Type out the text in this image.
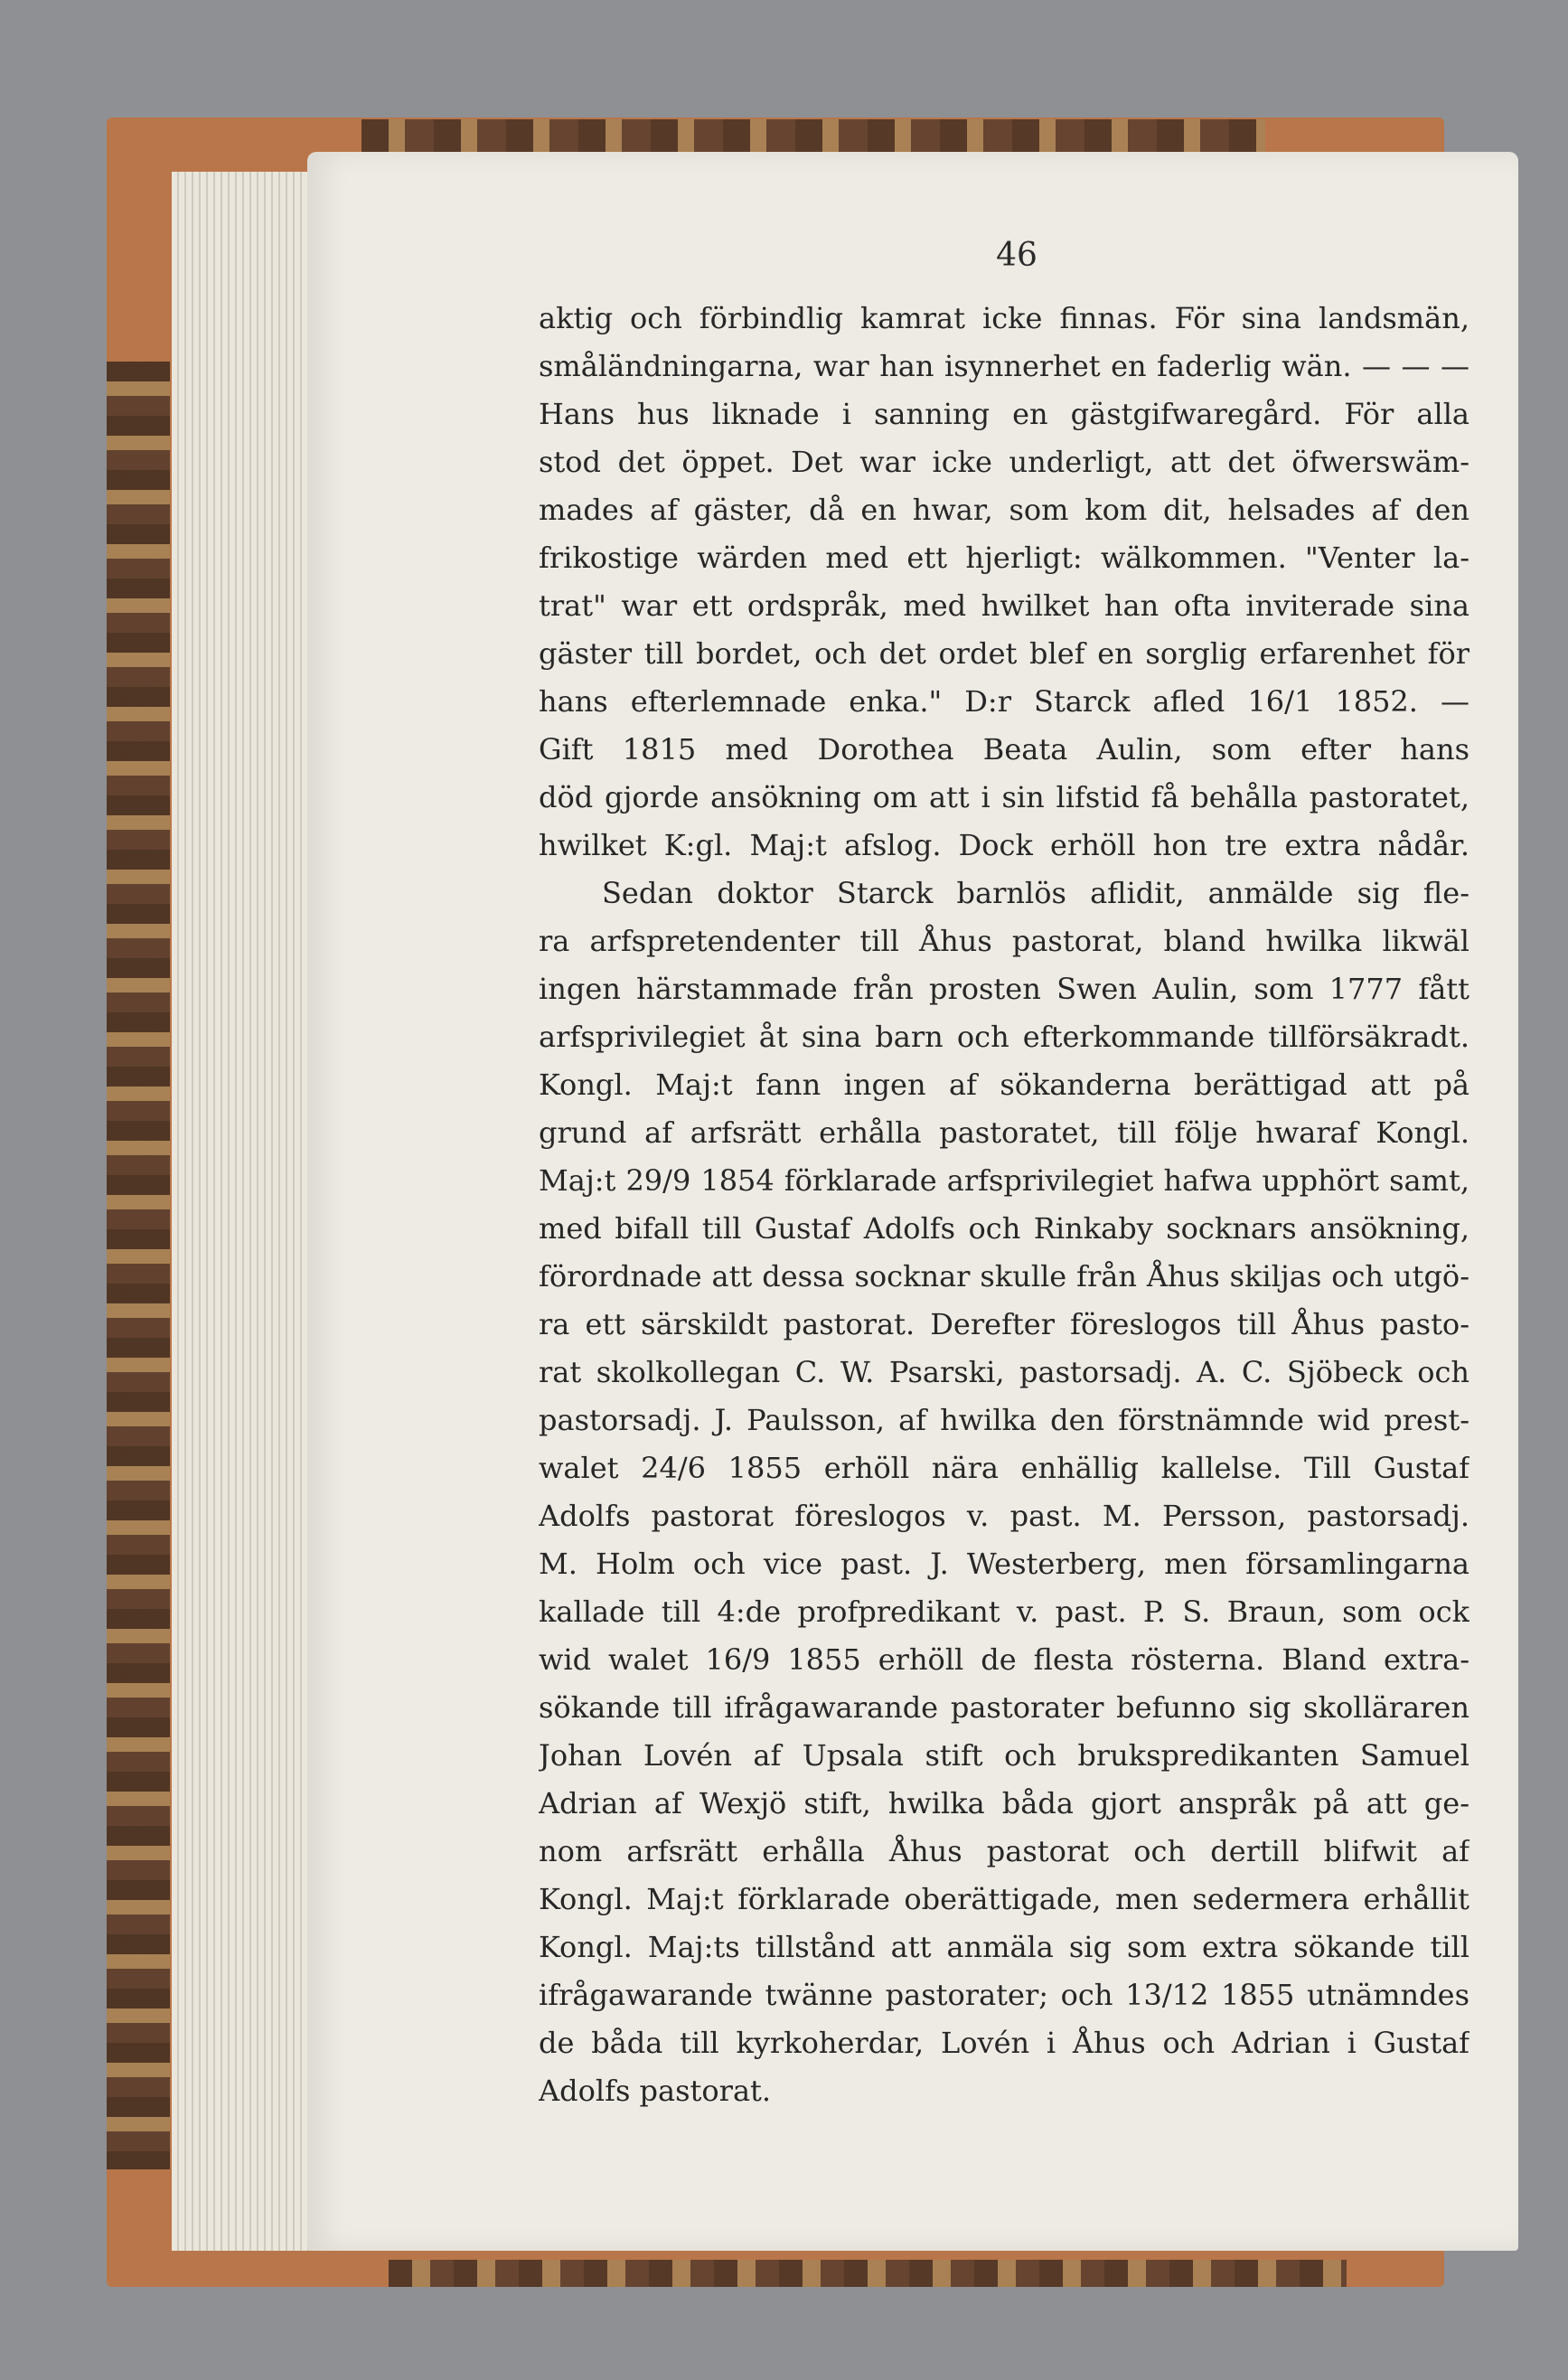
46
aktig och förbindlig kamrat icke finnas. För sina landsmän,
småländningarna, war han isynnerhet en faderlig wän. — — —
Hans hus liknade i sanning en gästgifwaregård. För alla
stod det öppet. Det war icke underligt, att det öfwerswäm-
mades af gäster, då en hwar, som kom dit, helsades af den
frikostige wärden med ett hjerligt: wälkommen. "Venter la-
trat" war ett ordspråk, med hwilket han ofta inviterade sina
gäster till bordet, och det ordet blef en sorglig erfarenhet för
hans efterlemnade enka." D:r Starck afled 16/1 1852. —
Gift 1815 med Dorothea Beata Aulin, som efter hans
död gjorde ansökning om att i sin lifstid få behålla pastoratet,
hwilket K:gl. Maj:t afslog. Dock erhöll hon tre extra nådår.
Sedan doktor Starck barnlös aflidit, anmälde sig fle-
ra arfspretendenter till Åhus pastorat, bland hwilka likwäl
ingen härstammade från prosten Swen Aulin, som 1777 fått
arfsprivilegiet åt sina barn och efterkommande tillförsäkradt.
Kongl. Maj:t fann ingen af sökanderna berättigad att på
grund af arfsrätt erhålla pastoratet, till följe hwaraf Kongl.
Maj:t 29/9 1854 förklarade arfsprivilegiet hafwa upphört samt,
med bifall till Gustaf Adolfs och Rinkaby socknars ansökning,
förordnade att dessa socknar skulle från Åhus skiljas och utgö-
ra ett särskildt pastorat. Derefter föreslogos till Åhus pasto-
rat skolkollegan C. W. Psarski, pastorsadj. A. C. Sjöbeck och
pastorsadj. J. Paulsson, af hwilka den förstnämnde wid prest-
walet 24/6 1855 erhöll nära enhällig kallelse. Till Gustaf
Adolfs pastorat föreslogos v. past. M. Persson, pastorsadj.
M. Holm och vice past. J. Westerberg, men församlingarna
kallade till 4:de profpredikant v. past. P. S. Braun, som ock
wid walet 16/9 1855 erhöll de flesta rösterna. Bland extra-
sökande till ifrågawarande pastorater befunno sig skolläraren
Johan Lovén af Upsala stift och brukspredikanten Samuel
Adrian af Wexjö stift, hwilka båda gjort anspråk på att ge-
nom arfsrätt erhålla Åhus pastorat och dertill blifwit af
Kongl. Maj:t förklarade oberättigade, men sedermera erhållit
Kongl. Maj:ts tillstånd att anmäla sig som extra sökande till
ifrågawarande twänne pastorater; och 13/12 1855 utnämndes
de båda till kyrkoherdar, Lovén i Åhus och Adrian i Gustaf
Adolfs pastorat.
